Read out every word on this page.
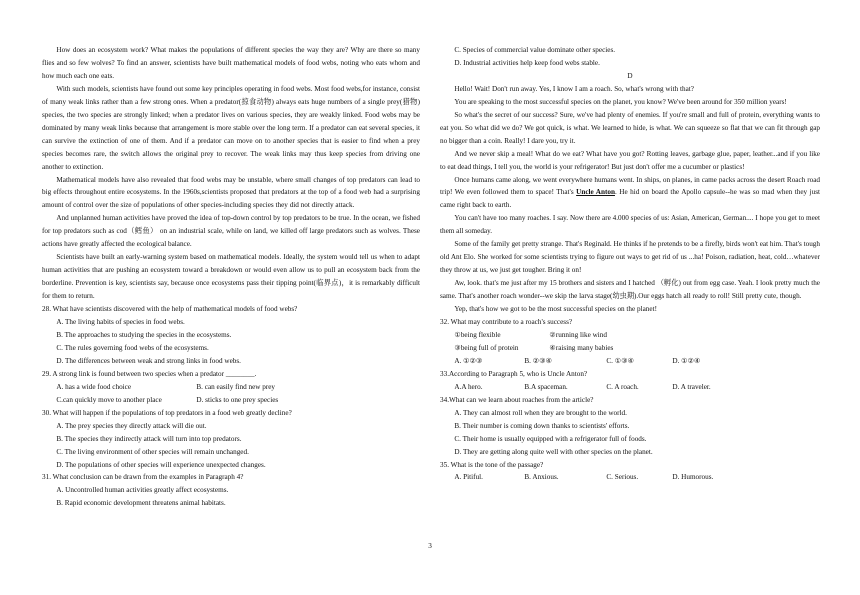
How does an ecosystem work? What makes the populations of different species the way they are? Why are there so many flies and so few wolves? To find an answer, scientists have built mathematical models of food webs, noting who eats whom and how much each one eats.

With such models, scientists have found out some key principles operating in food webs. Most food webs,for instance, consist of many weak links rather than a few strong ones. When a predator(掠食动物) always eats huge numbers of a single prey(猎物) species, the two species are strongly linked; when a predator lives on various species, they are weakly linked. Food webs may be dominated by many weak links because that arrangement is more stable over the long term. If a predator can eat several species, it can survive the extinction of one of them. And if a predator can move on to another species that is easier to find when a prey species becomes rare, the switch allows the original prey to recover. The weak links may thus keep species from driving one another to extinction.

Mathematical models have also revealed that food webs may be unstable, where small changes of top predators can lead to big effects throughout entire ecosystems. In the 1960s,scientists proposed that predators at the top of a food web had a surprising amount of control over the size of populations of other species-including species they did not directly attack.

And unplanned human activities have proved the idea of top-down control by top predators to be true. In the ocean, we fished for top predators such as cod（鳕鱼） on an industrial scale, while on land, we killed off large predators such as wolves. These actions have greatly affected the ecological balance.

Scientists have built an early-warning system based on mathematical models. Ideally, the system would tell us when to adapt human activities that are pushing an ecosystem toward a breakdown or would even allow us to pull an ecosystem back from the borderline. Prevention is key, scientists say, because once ecosystems pass their tipping point(临界点)，it is remarkably difficult for them to return.

28. What have scientists discovered with the help of mathematical models of food webs?

A. The living habits of species in food webs.

B. The approaches to studying the species in the ecosystems.

C. The rules governing food webs of the ecosystems.

D. The differences between weak and strong links in food webs.

29. A strong link is found between two species when a predator ________.

A. has a wide food choice	B. can easily find new prey
C.can quickly move to another place	D. sticks to one prey species

30. What will happen if the populations of top predators in a food web greatly decline?

A. The prey species they directly attack will die out.

B. The species they indirectly attack will turn into top predators.

C. The living environment of other species will remain unchanged.

D. The populations of other species will experience unexpected changes.

31. What conclusion can be drawn from the examples in Paragraph 4?

A. Uncontrolled human activities greatly affect ecosystems.

B. Rapid economic development threatens animal habitats.

C. Species of commercial value dominate other species.

D. Industrial activities help keep food webs stable.

D

Hello! Wait! Don't run away. Yes, I know I am a roach. So, what's wrong with that?

You are speaking to the most successful species on the planet, you know? We've been around for 350 million years!

So what's the secret of our success? Sure, we've had plenty of enemies. If you're small and full of protein, everything wants to eat you. So what did we do? We got quick, is what. We learned to hide, is what. We can squeeze so flat that we can fit through gap no bigger than a coin. Really! I dare you, try it.

And we never skip a meal! What do we eat? What have you got? Rotting leaves, garbage glue, paper, leather...and if you like to eat dead things, I tell you, the world is your refrigerator! But just don't offer me a cucumber or plastics!

Once humans came along, we went everywhere humans went. In ships, on planes, in came packs across the desert Roach road trip! We even followed them to space! That's Uncle Anton. He hid on board the Apollo capsule--he was so mad when they just came right back to earth.

You can't have too many roaches. I say. Now there are 4.000 species of us: Asian, American, German.... I hope you get to meet them all someday.

Some of the family get pretty strange. That's Reginald. He thinks if he pretends to be a firefly, birds won't eat him. That's tough old Ant Elo. She worked for some scientists trying to figure out ways to get rid of us ...ha! Poison, radiation, heat, cold…whatever they throw at us, we just get tougher. Bring it on!

Aw, look. that's me just after my 15 brothers and sisters and I hatched （孵化) out from egg case. Yeah. I look pretty much the same. That's another roach wonder--we skip the larva stage(幼虫期).Our eggs hatch all ready to roll! Still pretty cute, though.

Yep, that's how we got to be the most successful species on the planet!

32. What may contribute to a roach's success?

①being flexible	②running like wind
③being full of protein	④raising many babies
A. ①②③	B. ②③④	C. ①③④	D. ①②④

33.According to Paragraph 5, who is Uncle Anton?

A.A hero.	B.A spaceman.	C. A roach.	D. A traveler.

34.What can we learn about roaches from the article?

A. They can almost roll when they are brought to the world.

B. Their number is coming down thanks to scientists' efforts.

C. Their home is usually equipped with a refrigerator full of foods.

D. They are getting along quite well with other species on the planet.

35. What is the tone of the passage?

A. Pitiful.	B. Anxious.	C. Serious.	D. Humorous.
3
